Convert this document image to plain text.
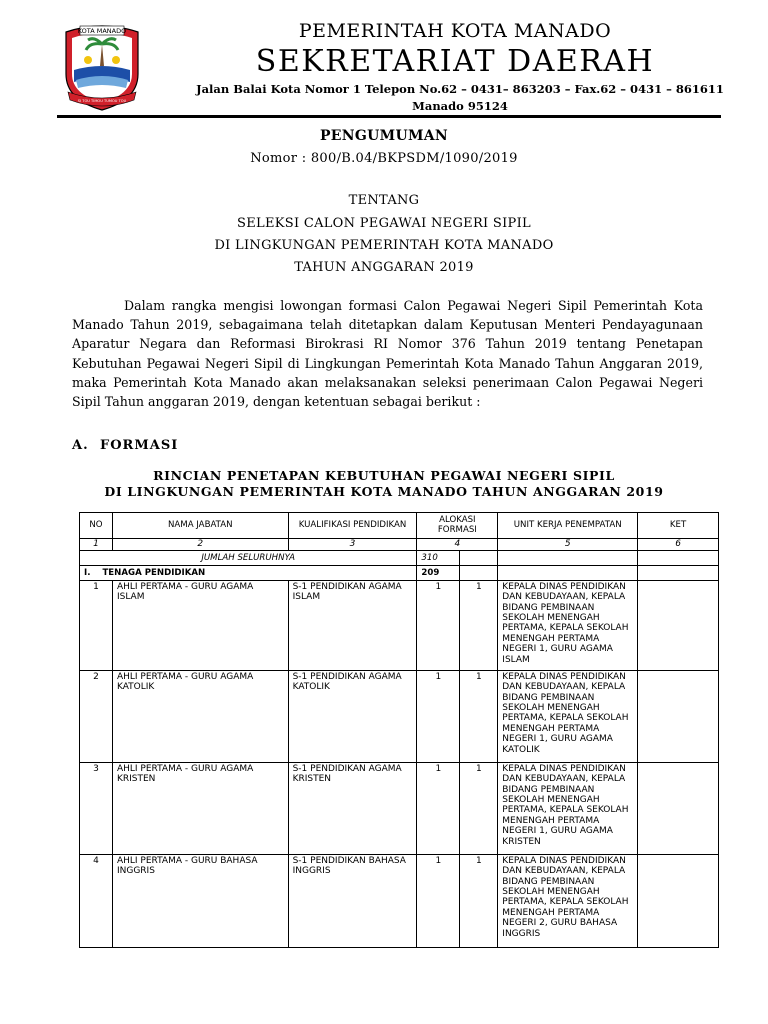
KOTA MANADO
SI TOU TIMOU TUMOU TOU
PEMERINTAH KOTA MANADO
SEKRETARIAT DAERAH
Jalan Balai Kota Nomor 1 Telepon No.62 – 0431– 863203 – Fax.62 – 0431 – 861611
Manado 95124
PENGUMUMAN
Nomor : 800/B.04/BKPSDM/1090/2019
TENTANG
SELEKSI CALON PEGAWAI NEGERI SIPIL
DI LINGKUNGAN PEMERINTAH KOTA MANADO
TAHUN ANGGARAN 2019

Dalam rangka mengisi lowongan formasi Calon Pegawai Negeri Sipil Pemerintah Kota Manado Tahun 2019, sebagaimana telah ditetapkan dalam Keputusan Menteri Pendayagunaan Aparatur Negara dan Reformasi Birokrasi RI Nomor 376 Tahun 2019 tentang Penetapan Kebutuhan Pegawai Negeri Sipil di Lingkungan Pemerintah Kota Manado Tahun Anggaran 2019, maka Pemerintah Kota Manado akan melaksanakan seleksi penerimaan Calon Pegawai Negeri Sipil Tahun anggaran 2019, dengan ketentuan sebagai berikut :

A. FORMASI
RINCIAN PENETAPAN KEBUTUHAN PEGAWAI NEGERI SIPIL
DI LINGKUNGAN PEMERINTAH KOTA MANADO TAHUN ANGGARAN 2019
NO	NAMA JABATAN	KUALIFIKASI PENDIDIKAN	ALOKASI FORMASI		UNIT KERJA PENEMPATAN	KET
1	2	3	4		5	6
JUMLAH SELURUHNYA			310			
I. TENAGA PENDIDIKAN			209			
1	AHLI PERTAMA - GURU AGAMA ISLAM	S-1 PENDIDIKAN AGAMA ISLAM	1	1	KEPALA DINAS PENDIDIKAN DAN KEBUDAYAAN, KEPALA BIDANG PEMBINAAN SEKOLAH MENENGAH PERTAMA, KEPALA SEKOLAH MENENGAH PERTAMA NEGERI 1, GURU AGAMA ISLAM	
2	AHLI PERTAMA - GURU AGAMA KATOLIK	S-1 PENDIDIKAN AGAMA KATOLIK	1	1	KEPALA DINAS PENDIDIKAN DAN KEBUDAYAAN, KEPALA BIDANG PEMBINAAN SEKOLAH MENENGAH PERTAMA, KEPALA SEKOLAH MENENGAH PERTAMA NEGERI 1, GURU AGAMA KATOLIK	
3	AHLI PERTAMA - GURU AGAMA KRISTEN	S-1 PENDIDIKAN AGAMA KRISTEN	1	1	KEPALA DINAS PENDIDIKAN DAN KEBUDAYAAN, KEPALA BIDANG PEMBINAAN SEKOLAH MENENGAH PERTAMA, KEPALA SEKOLAH MENENGAH PERTAMA NEGERI 1, GURU AGAMA KRISTEN	
4	AHLI PERTAMA - GURU BAHASA INGGRIS	S-1 PENDIDIKAN BAHASA INGGRIS	1	1	KEPALA DINAS PENDIDIKAN DAN KEBUDAYAAN, KEPALA BIDANG PEMBINAAN SEKOLAH MENENGAH PERTAMA, KEPALA SEKOLAH MENENGAH PERTAMA NEGERI 2, GURU BAHASA INGGRIS	
